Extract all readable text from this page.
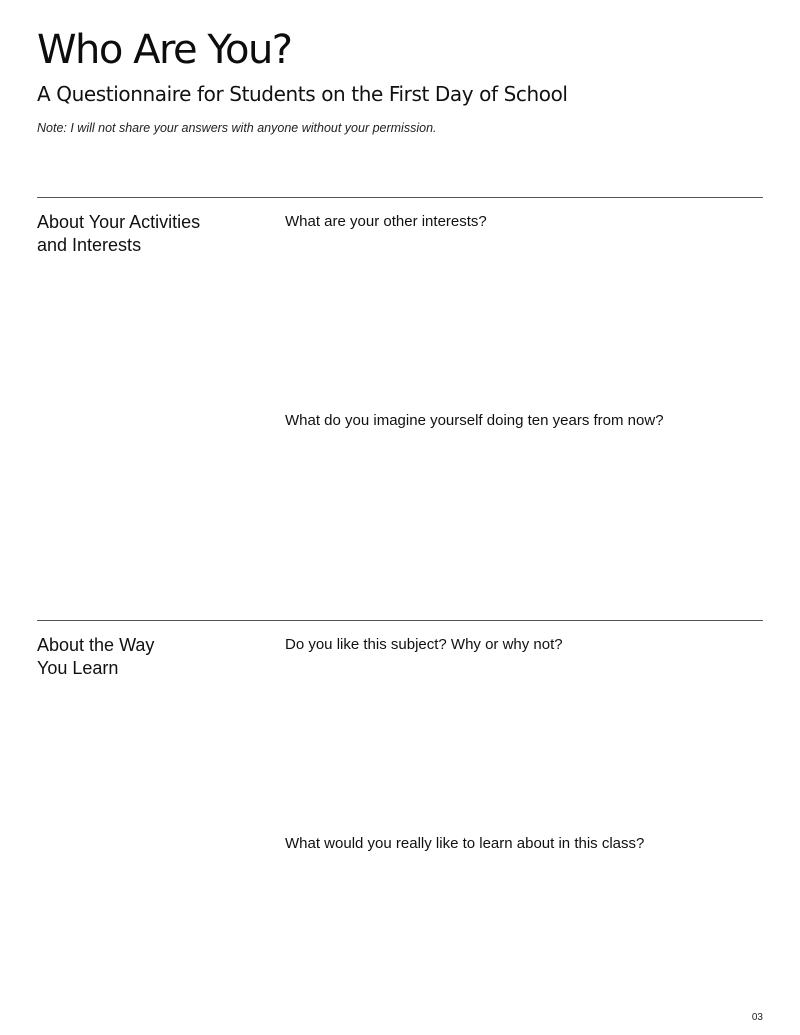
Who Are You?
A Questionnaire for Students on the First Day of School

Note: I will not share your answers with anyone without your permission.

About Your Activities
and Interests

What are your other interests?

What do you imagine yourself doing ten years from now?

About the Way
You Learn

Do you like this subject? Why or why not?

What would you really like to learn about in this class?

03
